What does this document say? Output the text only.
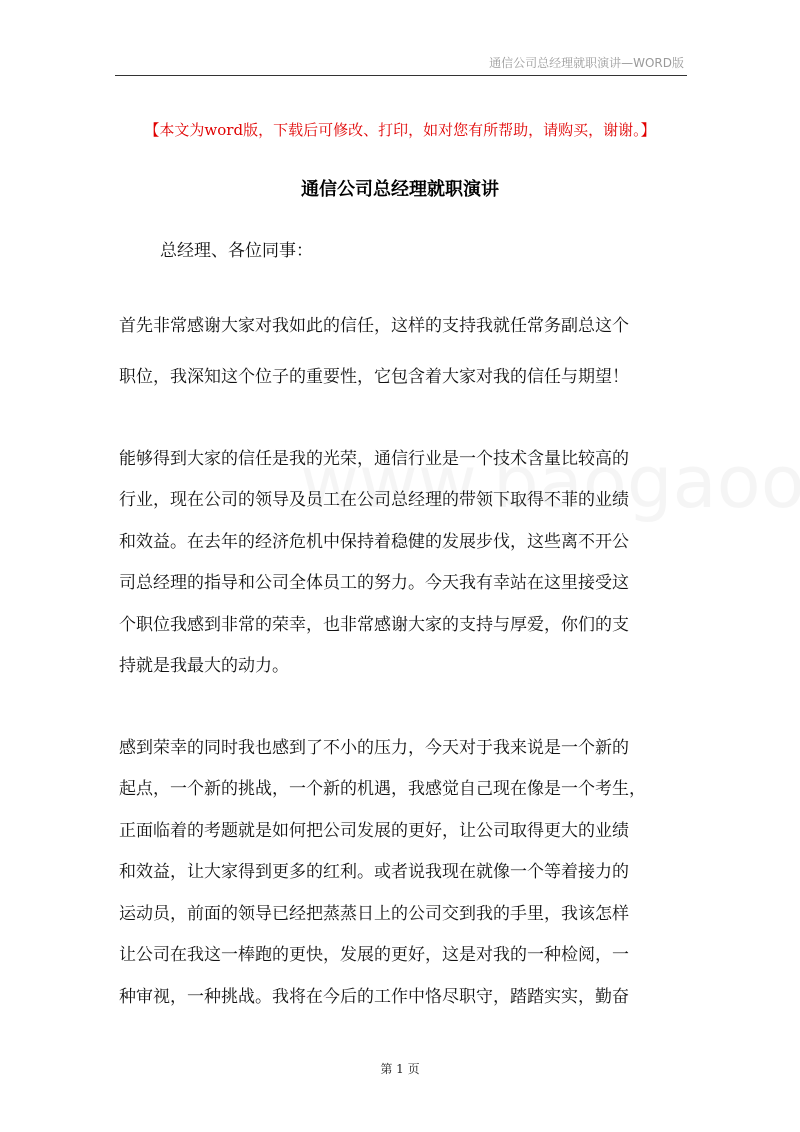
通信公司总经理就职演讲—WORD版
【本文为word版，下载后可修改、打印，如对您有所帮助，请购买，谢谢。】
通信公司总经理就职演讲
总经理、各位同事：
首先非常感谢大家对我如此的信任，这样的支持我就任常务副总这个
职位，我深知这个位子的重要性，它包含着大家对我的信任与期望！
能够得到大家的信任是我的光荣，通信行业是一个技术含量比较高的
行业，现在公司的领导及员工在公司总经理的带领下取得不菲的业绩
和效益。在去年的经济危机中保持着稳健的发展步伐，这些离不开公
司总经理的指导和公司全体员工的努力。今天我有幸站在这里接受这
个职位我感到非常的荣幸，也非常感谢大家的支持与厚爱，你们的支
持就是我最大的动力。
感到荣幸的同时我也感到了不小的压力，今天对于我来说是一个新的
起点，一个新的挑战，一个新的机遇，我感觉自己现在像是一个考生，
正面临着的考题就是如何把公司发展的更好，让公司取得更大的业绩
和效益，让大家得到更多的红利。或者说我现在就像一个等着接力的
运动员，前面的领导已经把蒸蒸日上的公司交到我的手里，我该怎样
让公司在我这一棒跑的更快，发展的更好，这是对我的一种检阅，一
种审视，一种挑战。我将在今后的工作中恪尽职守，踏踏实实，勤奋
第 1 页
